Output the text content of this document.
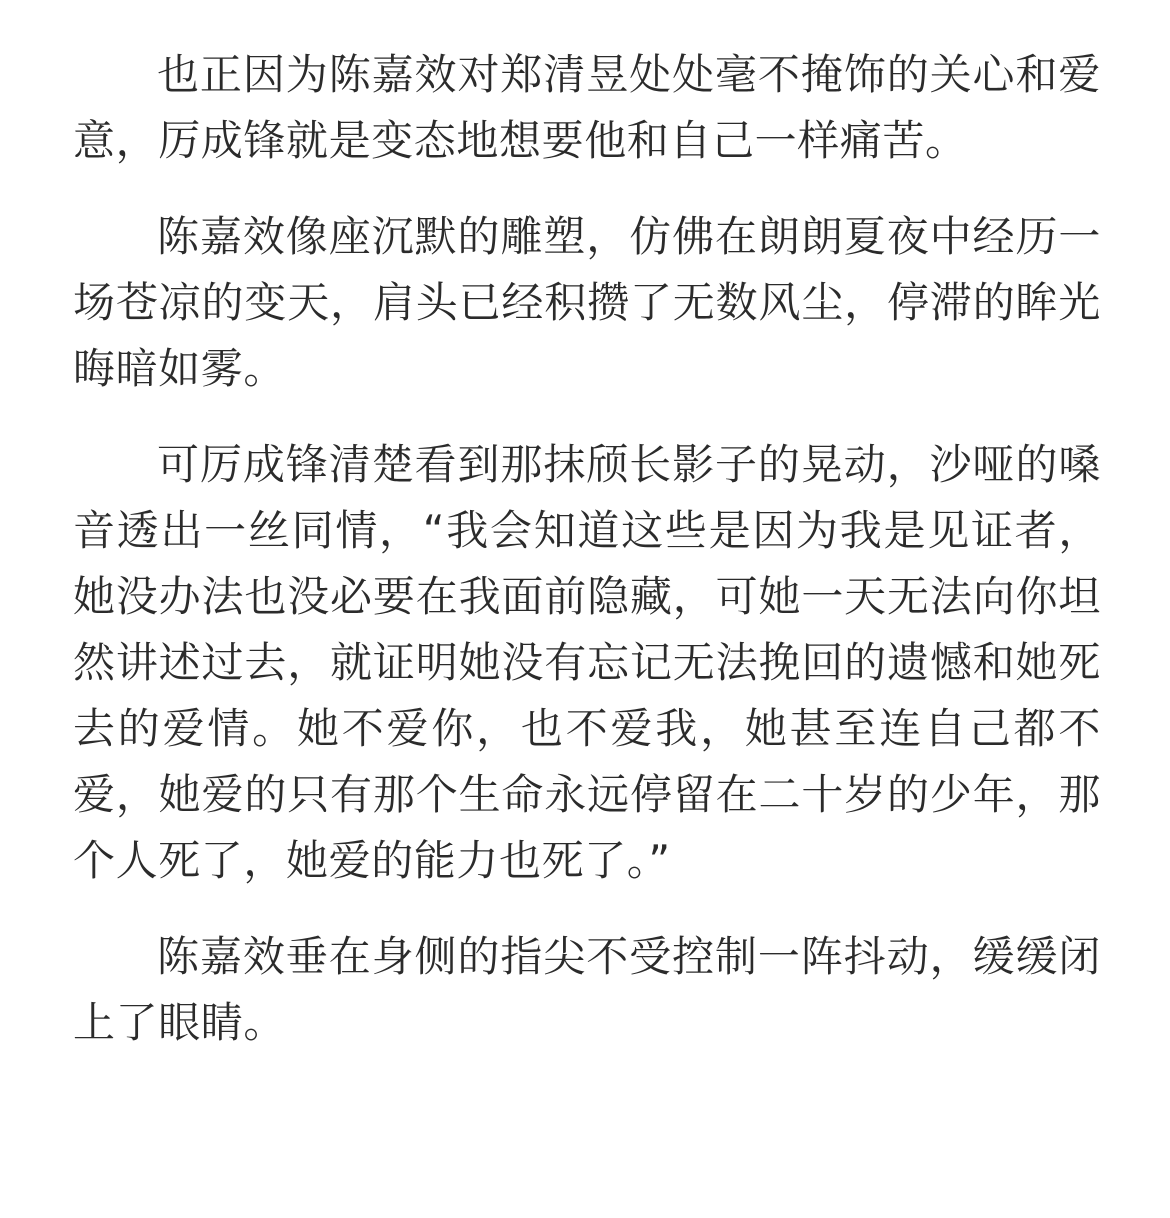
也正因为陈嘉效对郑清昱处处毫不掩饰的关心和爱意，厉成锋就是变态地想要他和自己一样痛苦。

陈嘉效像座沉默的雕塑，仿佛在朗朗夏夜中经历一场苍凉的变天，肩头已经积攒了无数风尘，停滞的眸光晦暗如雾。

可厉成锋清楚看到那抹颀长影子的晃动，沙哑的嗓音透出一丝同情，“我会知道这些是因为我是见证者，她没办法也没必要在我面前隐藏，可她一天无法向你坦然讲述过去，就证明她没有忘记无法挽回的遗憾和她死去的爱情。她不爱你，也不爱我，她甚至连自己都不爱，她爱的只有那个生命永远停留在二十岁的少年，那个人死了，她爱的能力也死了。”

陈嘉效垂在身侧的指尖不受控制一阵抖动，缓缓闭上了眼睛。
